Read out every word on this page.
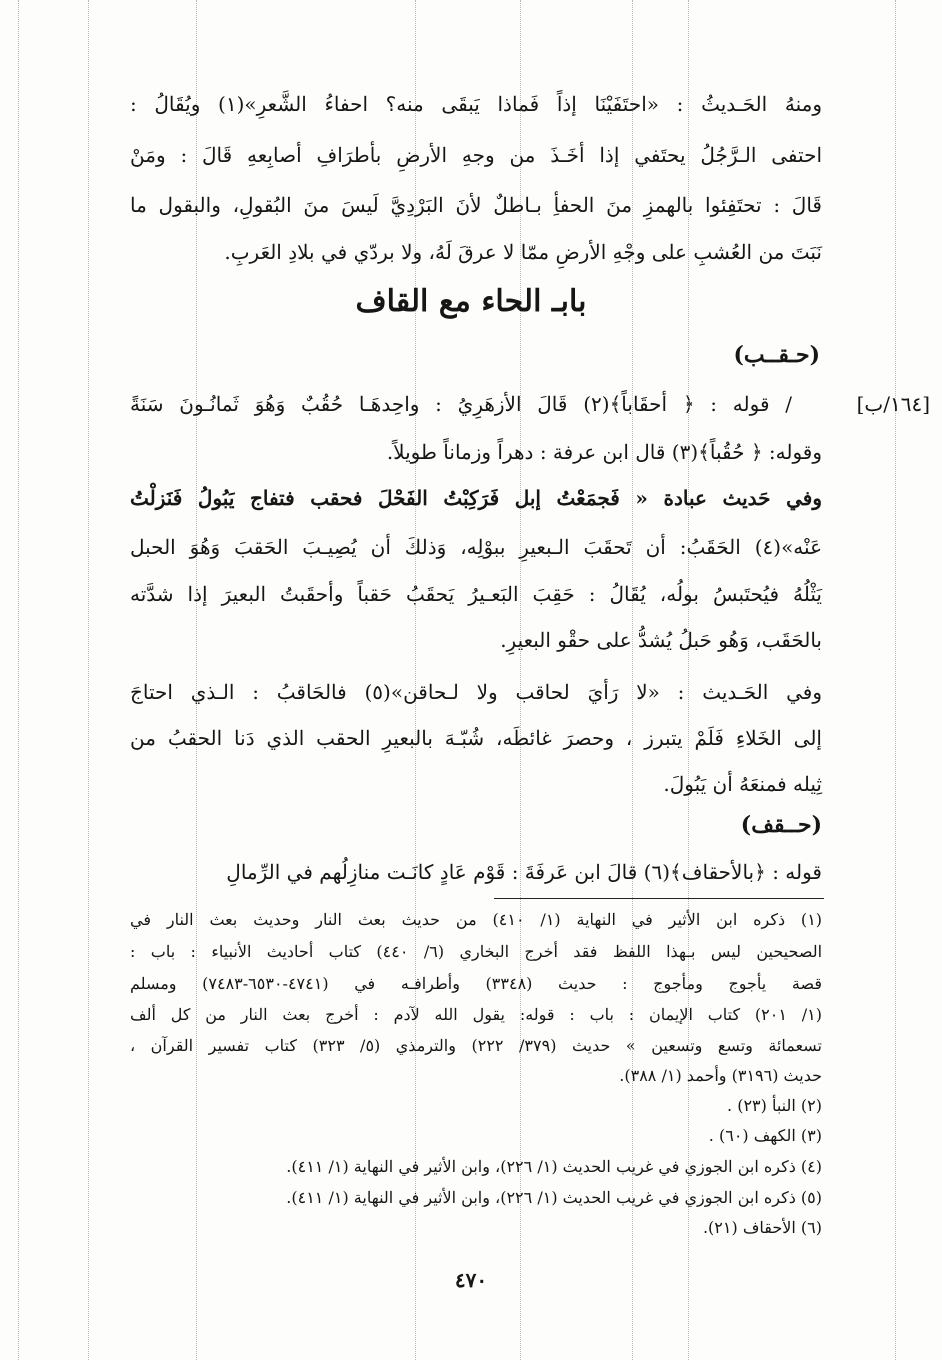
ومنهُ الحَـديثُ : «احتَفَيْنَا إذاً فَماذا يَبقَى منه؟ احفاءُ الشَّعرِ»(١) ويُقَالُ :
احتفى الـرَّجُلُ يحتَفي إذا أخَـذَ من وجهِ الأرضِ بأطرَافِ أصابِعهِ قَالَ : ومَنْ
قَالَ : تحتَفِئوا بالهمزِ منَ الحفأِ بـاطلٌ لأنَ البَرْدِيَّ لَيسَ منَ البُقولِ، والبقول ما
نَبَتَ من العُشبِ على وجْهِ الأرضِ ممّا لا عرقَ لَهُ، ولا بردّي في بلادِ العَربِ.
بابـ الحاء مع القاف
(حـقــب)
[١٦٤/ب]
/ قوله : ﴿ أحقَاباً﴾(٢) قَالَ الأزهَرِيُ : واحِدهَـا حُقُبٌ وَهُوَ ثَمانُـونَ سَنَةً
وقوله: ﴿ حُقُباً﴾(٣) قال ابن عرفة : دهراً وزماناً طويلاً.
وفي حَديث عبادة « فَجمَعْتُ إبل فَرَكِبْتُ الفَحْلَ فحقب فتفاج يَبُولُ فَنَزلْتُ
عَنْه»(٤) الحَقَبُ: أن تَحقَبَ الـبعيرِ ببوْلِه، وَذلكَ أن يُصِيـبَ الحَقبَ وَهُوَ الحبل
يَثْلُهُ فيُحتَبسُ بولُه، يُقَالُ : حَقِبَ البَعـيرُ يَحقَبُ حَقباً وأحقَبتُ البعيرَ إذا شدَّته
بالحَقَب، وَهُو حَبلُ يُشدُّ على حقْو البعيرِ.
وفي الحَـديث : «لا رَأيَ لحاقب ولا لـحاقن»(٥) فالحَاقبُ : الـذي احتاجَ
إلى الخَلاءِ فَلَمْ يتبرز ، وحصرَ غائطَه، شُبّـهَ بالبعيرِ الحقب الذي دَنا الحقبُ من
ثِيله فمنعَهُ أن يَبُولَ.
(حــقف)
قوله : ﴿بالأحقاف﴾(٦) قالَ ابن عَرفَةَ : قَوْم عَادٍ كانَـت منازِلُهم في الرِّمالِ
(١) ذكره ابن الأثير في النهاية (١/ ٤١٠) من حديث بعث النار وحديث بعث النار في
الصحيحين ليس بـهذا اللفظ فقد أخرج البخاري (٦/ ٤٤٠) كتاب أحاديث الأنبياء : باب :
قصة يأجوج ومأجوج : حديث (٣٣٤٨) وأطرافـه في (٤٧٤١-٦٥٣٠-٧٤٨٣) ومسلم
(١/ ٢٠١) كتاب الإيمان : باب : قوله: يقول الله لآدم : أخرج بعث النار من كل ألف
تسعمائة وتسع وتسعين » حديث (٣٧٩/ ٢٢٢) والترمذي (٥/ ٣٢٣) كتاب تفسير القرآن ،
حديث (٣١٩٦) وأحمد (١/ ٣٨٨).
(٢) النبأ (٢٣) .
(٣) الكهف (٦٠) .
(٤) ذكره ابن الجوزي في غريب الحديث (١/ ٢٢٦)، وابن الأثير في النهاية (١/ ٤١١).
(٥) ذكره ابن الجوزي في غريب الحديث (١/ ٢٢٦)، وابن الأثير في النهاية (١/ ٤١١).
(٦) الأحقاف (٢١).
٤٧٠
